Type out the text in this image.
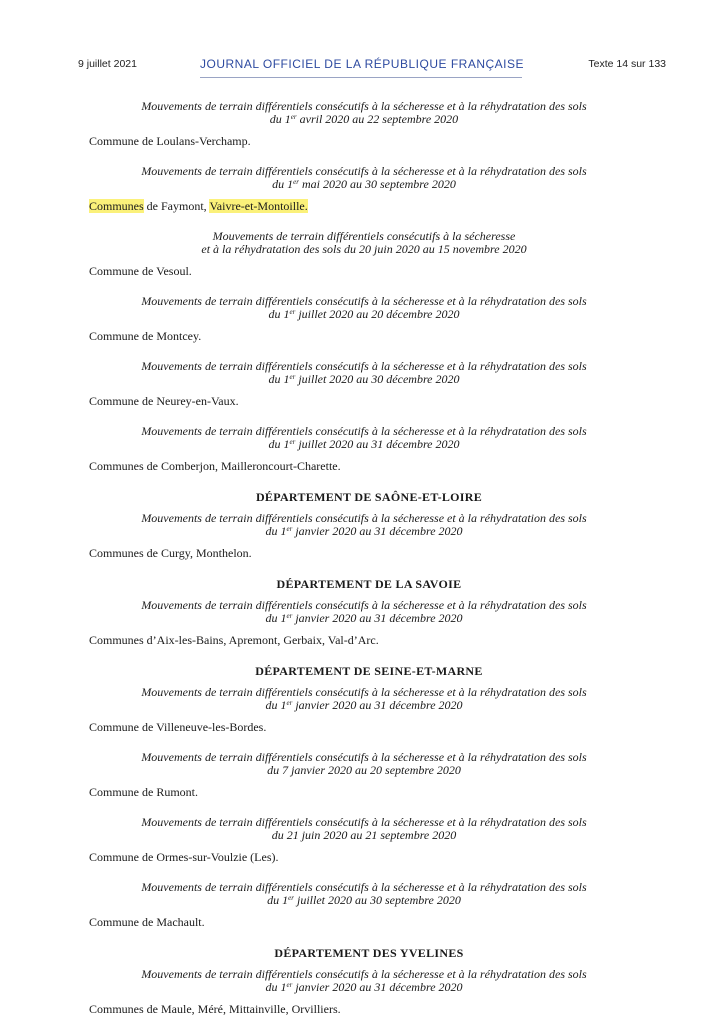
9 juillet 2021	JOURNAL OFFICIEL DE LA RÉPUBLIQUE FRANÇAISE	Texte 14 sur 133
Mouvements de terrain différentiels consécutifs à la sécheresse et à la réhydratation des sols
du 1er avril 2020 au 22 septembre 2020

Commune de Loulans-Verchamp.

Mouvements de terrain différentiels consécutifs à la sécheresse et à la réhydratation des sols
du 1er mai 2020 au 30 septembre 2020

Communes de Faymont, Vaivre-et-Montoille.

Mouvements de terrain différentiels consécutifs à la sécheresse
et à la réhydratation des sols du 20 juin 2020 au 15 novembre 2020

Commune de Vesoul.

Mouvements de terrain différentiels consécutifs à la sécheresse et à la réhydratation des sols
du 1er juillet 2020 au 20 décembre 2020

Commune de Montcey.

Mouvements de terrain différentiels consécutifs à la sécheresse et à la réhydratation des sols
du 1er juillet 2020 au 30 décembre 2020

Commune de Neurey-en-Vaux.

Mouvements de terrain différentiels consécutifs à la sécheresse et à la réhydratation des sols
du 1er juillet 2020 au 31 décembre 2020

Communes de Comberjon, Mailleroncourt-Charette.

DÉPARTEMENT DE SAÔNE-ET-LOIRE
Mouvements de terrain différentiels consécutifs à la sécheresse et à la réhydratation des sols
du 1er janvier 2020 au 31 décembre 2020

Communes de Curgy, Monthelon.

DÉPARTEMENT DE LA SAVOIE
Mouvements de terrain différentiels consécutifs à la sécheresse et à la réhydratation des sols
du 1er janvier 2020 au 31 décembre 2020

Communes d’Aix-les-Bains, Apremont, Gerbaix, Val-d’Arc.

DÉPARTEMENT DE SEINE-ET-MARNE
Mouvements de terrain différentiels consécutifs à la sécheresse et à la réhydratation des sols
du 1er janvier 2020 au 31 décembre 2020

Commune de Villeneuve-les-Bordes.

Mouvements de terrain différentiels consécutifs à la sécheresse et à la réhydratation des sols
du 7 janvier 2020 au 20 septembre 2020

Commune de Rumont.

Mouvements de terrain différentiels consécutifs à la sécheresse et à la réhydratation des sols
du 21 juin 2020 au 21 septembre 2020

Commune de Ormes-sur-Voulzie (Les).

Mouvements de terrain différentiels consécutifs à la sécheresse et à la réhydratation des sols
du 1er juillet 2020 au 30 septembre 2020

Commune de Machault.

DÉPARTEMENT DES YVELINES
Mouvements de terrain différentiels consécutifs à la sécheresse et à la réhydratation des sols
du 1er janvier 2020 au 31 décembre 2020

Communes de Maule, Méré, Mittainville, Orvilliers.
